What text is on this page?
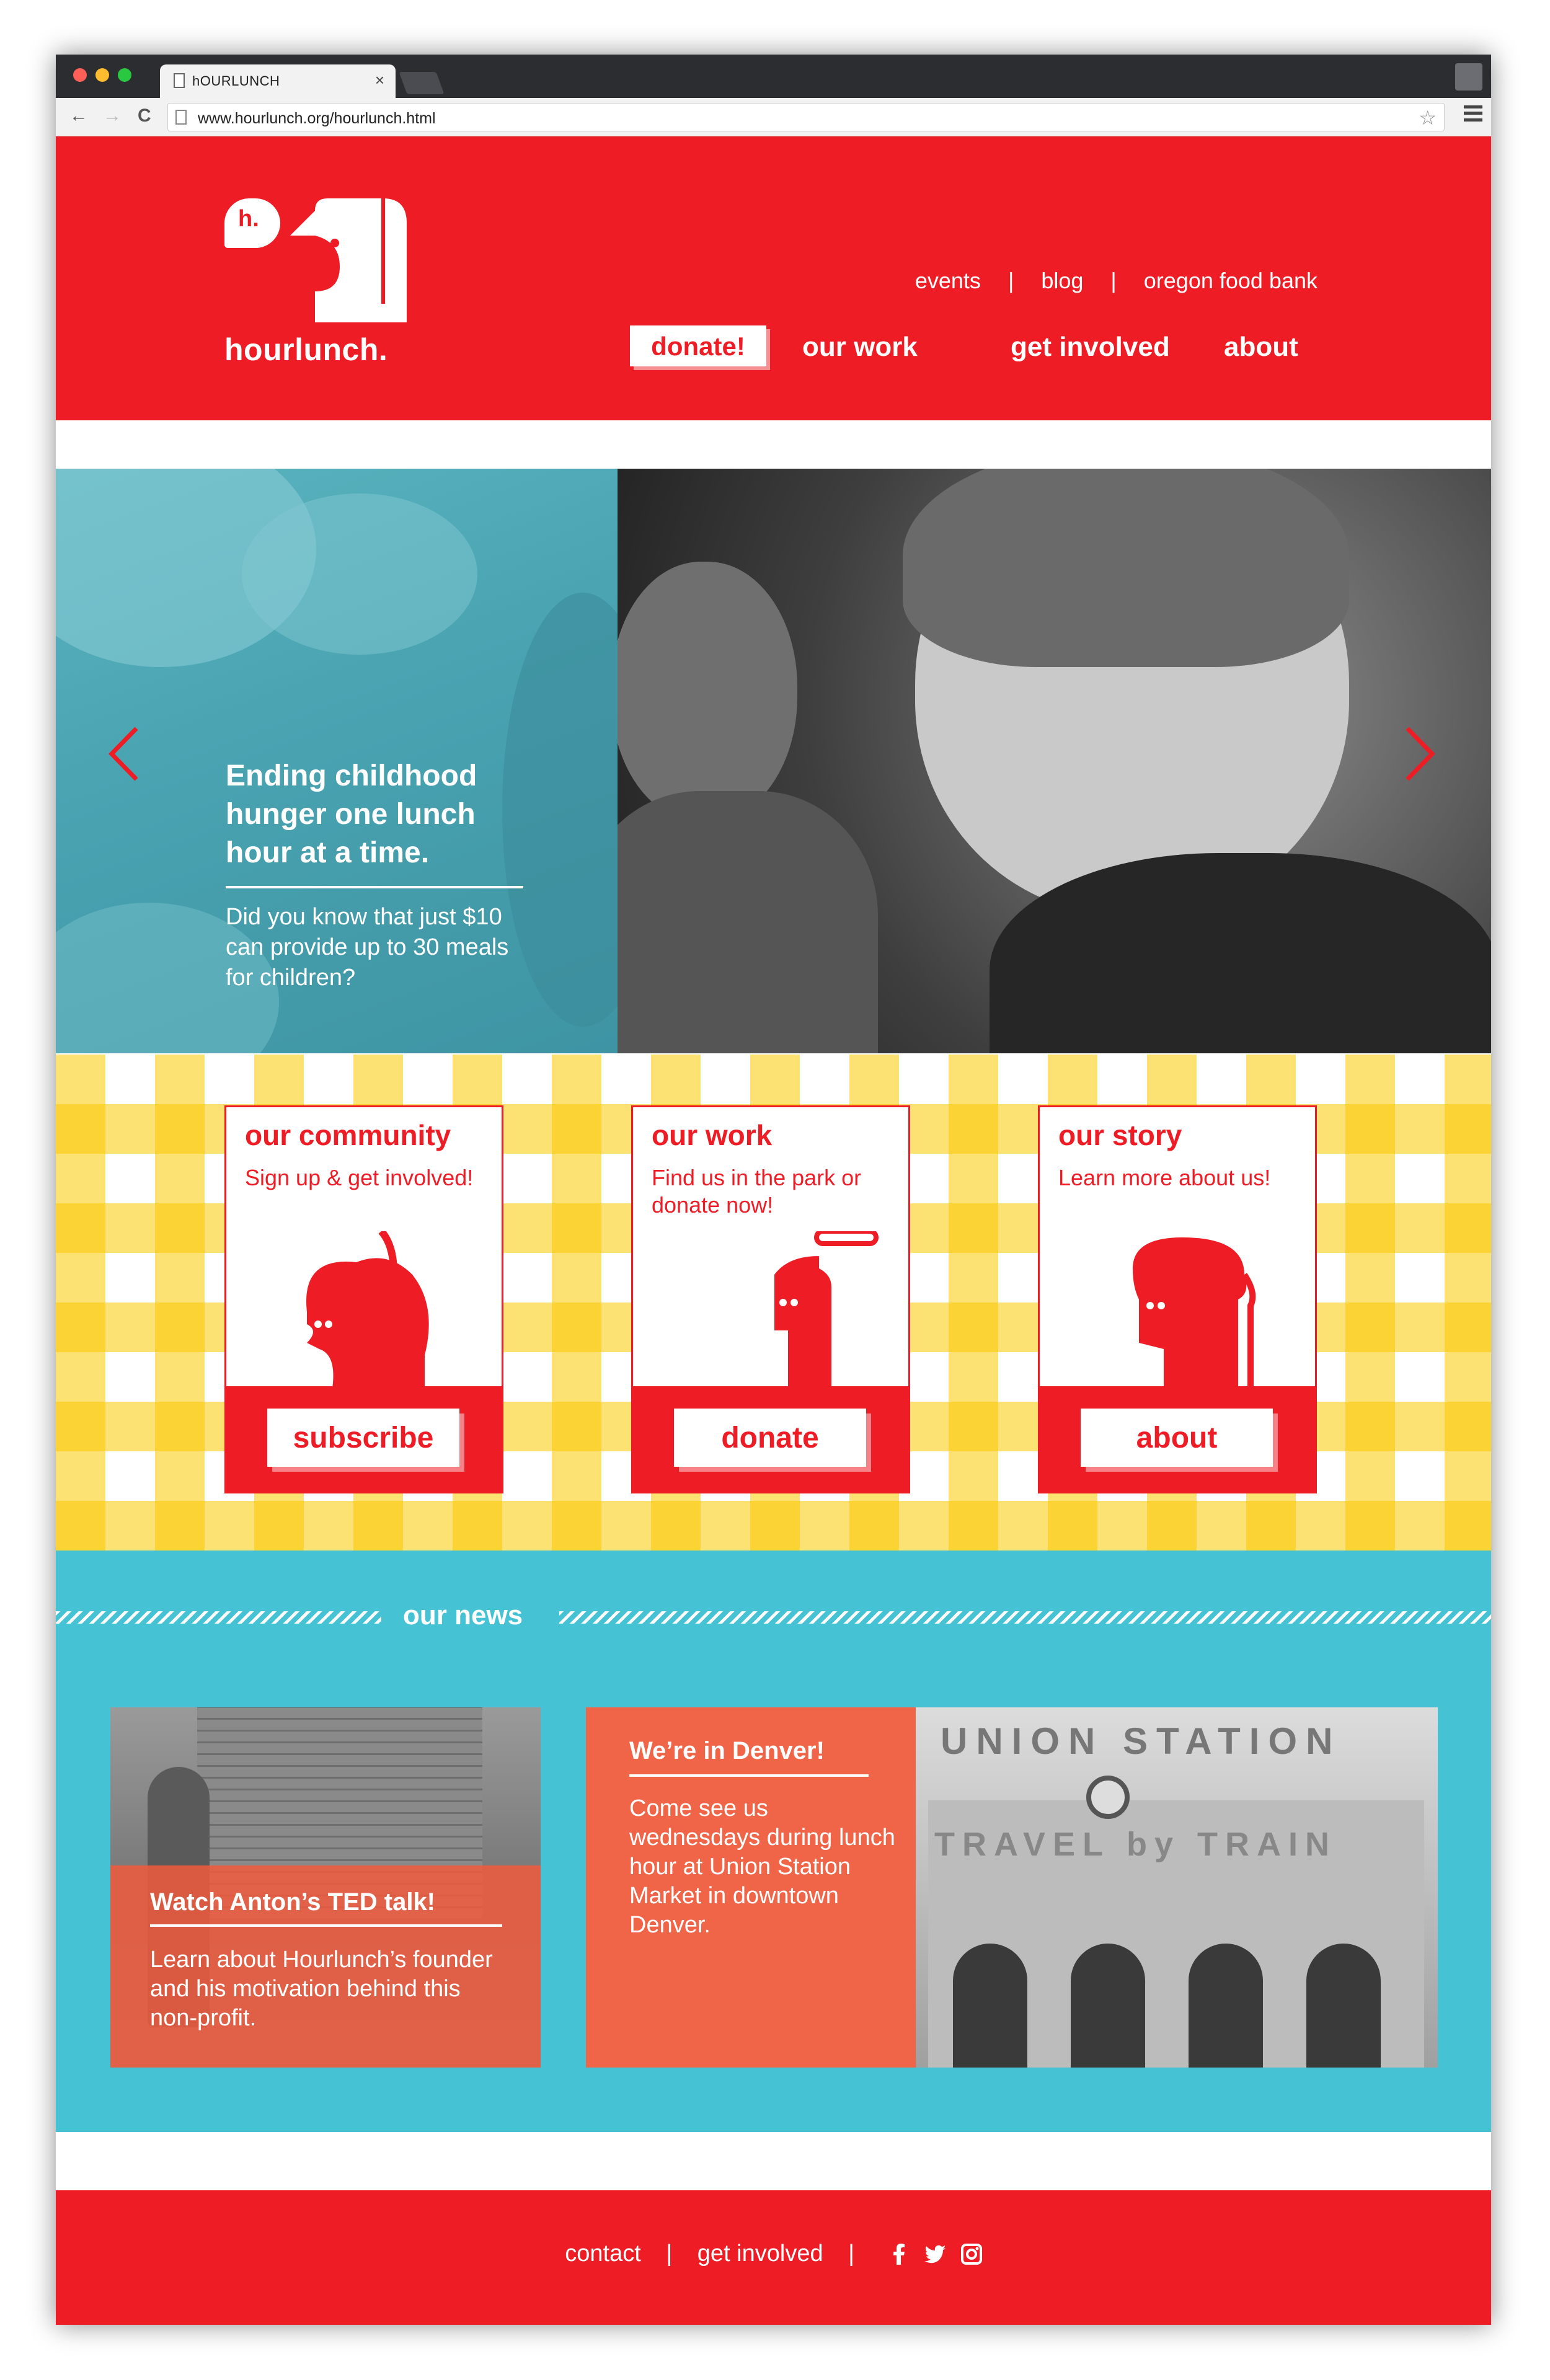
hOURLUNCH	×
← → C	www.hourlunch.org/hourlunch.html	☆
h.
hourlunch.
events | blog | oregon food bank
donate!	our work	get involved about
Ending childhood hunger one lunch hour at a time.
Did you know that just $10 can provide up to 30 meals for children?
our community
Sign up & get involved!
subscribe
our work
Find us in the park or donate now!
donate
our story
Learn more about us!
about
our news
Watch Anton’s TED talk!
Learn about Hourlunch’s founder and his motivation behind this non-profit.
UNION STATION
TRAVEL by TRAIN
We’re in Denver!
Come see us wednesdays during lunch hour at Union Station Market in downtown Denver.
contact | get involved |
